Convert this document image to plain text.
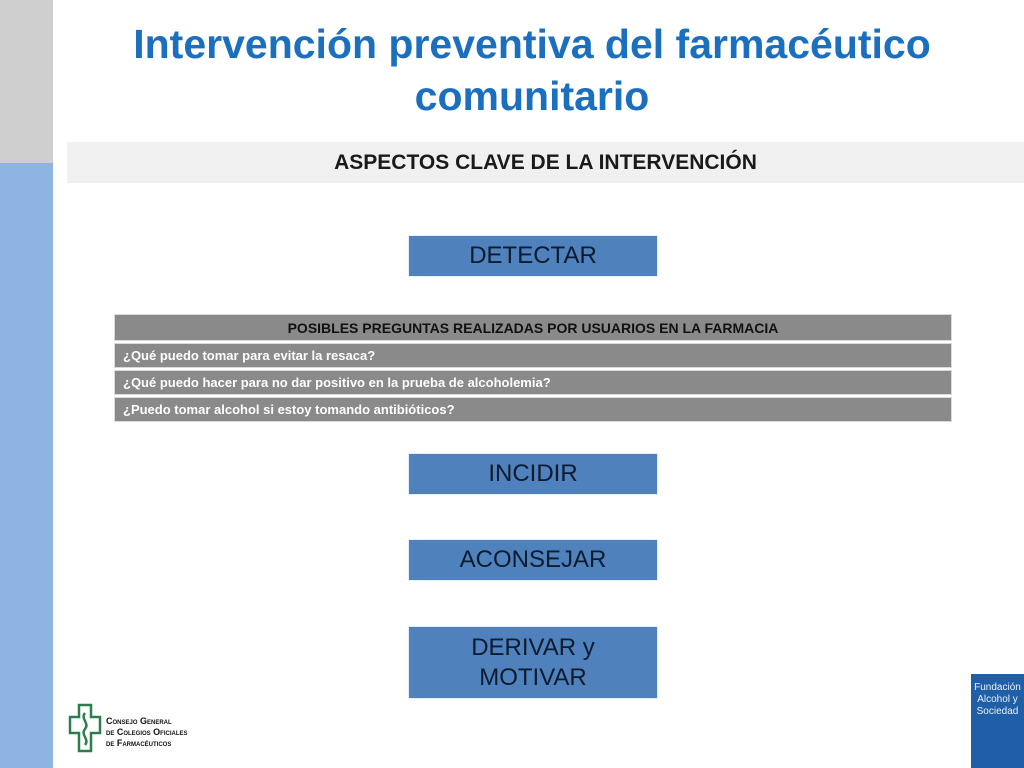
Intervención preventiva del farmacéutico comunitario
ASPECTOS CLAVE DE LA INTERVENCIÓN
DETECTAR
POSIBLES PREGUNTAS REALIZADAS POR USUARIOS EN LA FARMACIA
¿Qué puedo tomar para evitar la resaca?
¿Qué puedo hacer para no dar positivo en la prueba de alcoholemia?
¿Puedo tomar alcohol si estoy tomando antibióticos?
INCIDIR
ACONSEJAR
DERIVAR y
MOTIVAR
Consejo General
de Colegios Oficiales
de Farmacéuticos
Fundación
Alcohol y
Sociedad
